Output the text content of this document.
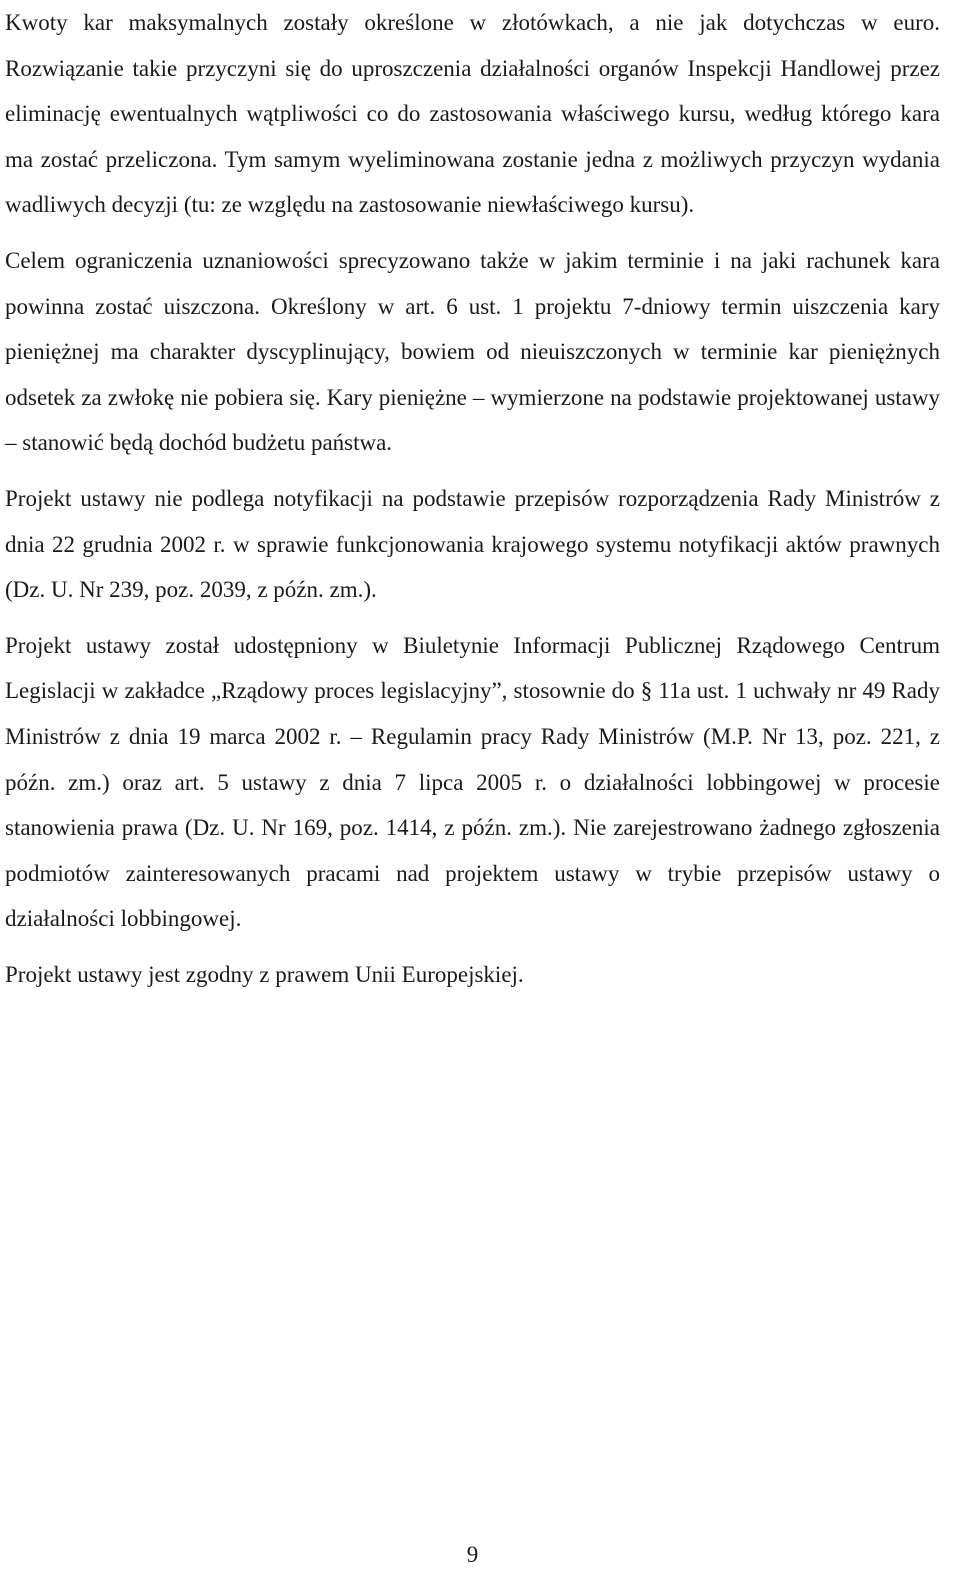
Kwoty kar maksymalnych zostały określone w złotówkach, a nie jak dotychczas w euro. Rozwiązanie takie przyczyni się do uproszczenia działalności organów Inspekcji Handlowej przez eliminację ewentualnych wątpliwości co do zastosowania właściwego kursu, według którego kara ma zostać przeliczona. Tym samym wyeliminowana zostanie jedna z możliwych przyczyn wydania wadliwych decyzji (tu: ze względu na zastosowanie niewłaściwego kursu).

Celem ograniczenia uznaniowości sprecyzowano także w jakim terminie i na jaki rachunek kara powinna zostać uiszczona. Określony w art. 6 ust. 1 projektu 7-dniowy termin uiszczenia kary pieniężnej ma charakter dyscyplinujący, bowiem od nieuiszczonych w terminie kar pieniężnych odsetek za zwłokę nie pobiera się. Kary pieniężne – wymierzone na podstawie projektowanej ustawy – stanowić będą dochód budżetu państwa.

Projekt ustawy nie podlega notyfikacji na podstawie przepisów rozporządzenia Rady Ministrów z dnia 22 grudnia 2002 r. w sprawie funkcjonowania krajowego systemu notyfikacji aktów prawnych (Dz. U. Nr 239, poz. 2039, z późn. zm.).

Projekt ustawy został udostępniony w Biuletynie Informacji Publicznej Rządowego Centrum Legislacji w zakładce „Rządowy proces legislacyjny”, stosownie do § 11a ust. 1 uchwały nr 49 Rady Ministrów z dnia 19 marca 2002 r. – Regulamin pracy Rady Ministrów (M.P. Nr 13, poz. 221, z późn. zm.) oraz art. 5 ustawy z dnia 7 lipca 2005 r. o działalności lobbingowej w procesie stanowienia prawa (Dz. U. Nr 169, poz. 1414, z późn. zm.). Nie zarejestrowano żadnego zgłoszenia podmiotów zainteresowanych pracami nad projektem ustawy w trybie przepisów ustawy o działalności lobbingowej.

Projekt ustawy jest zgodny z prawem Unii Europejskiej.

9
